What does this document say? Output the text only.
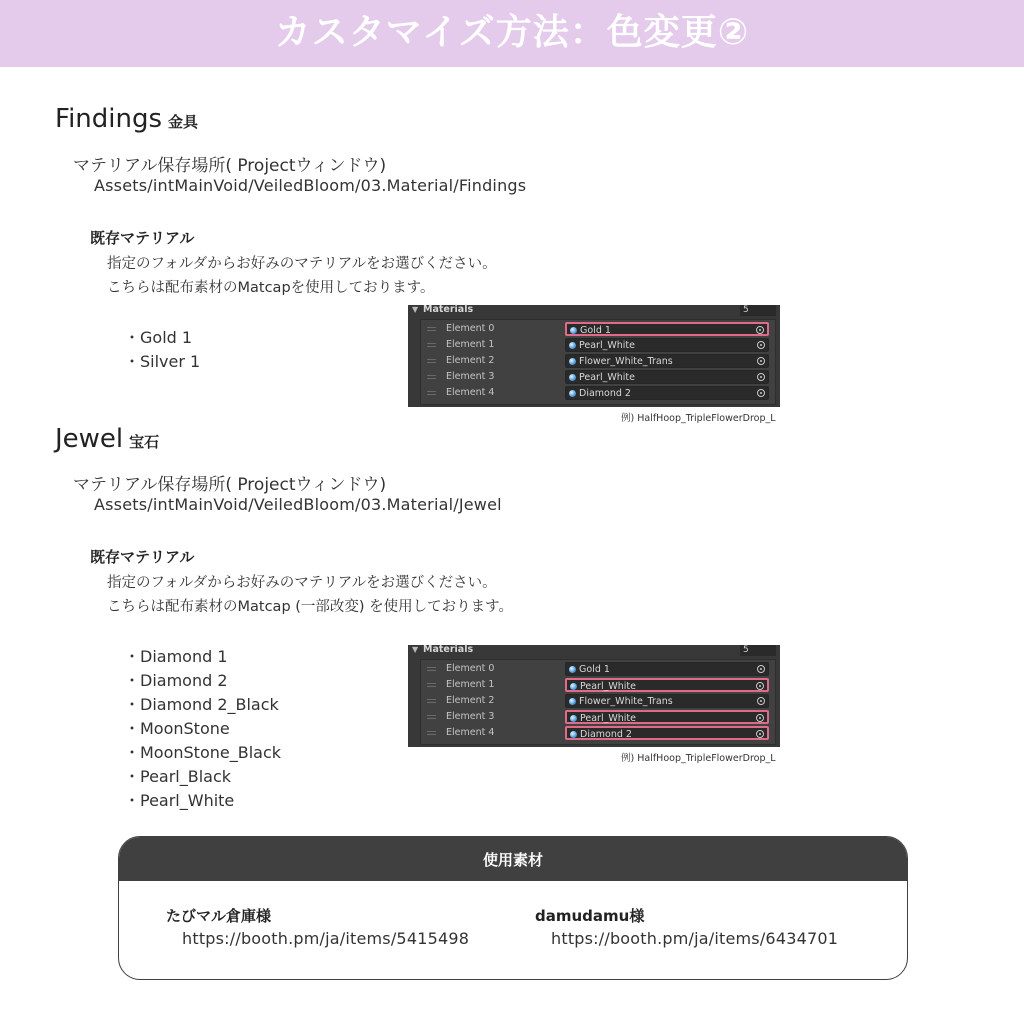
カスタマイズ方法：色変更②
Findings 金具
マテリアル保存場所( Projectウィンドウ)
Assets/intMainVoid/VeiledBloom/03.Material/Findings
既存マテリアル
指定のフォルダからお好みのマテリアルをお選びください。
こちらは配布素材のMatcapを使用しております。
・Gold 1
・Silver 1
▼ Materials	5
Element 0	Gold 1
Element 1	Pearl_White
Element 2	Flower_White_Trans
Element 3	Pearl_White
Element 4	Diamond 2
例) HalfHoop_TripleFlowerDrop_L
Jewel 宝石
マテリアル保存場所( Projectウィンドウ)
Assets/intMainVoid/VeiledBloom/03.Material/Jewel
既存マテリアル
指定のフォルダからお好みのマテリアルをお選びください。
こちらは配布素材のMatcap (一部改変) を使用しております。
・Diamond 1
・Diamond 2
・Diamond 2_Black
・MoonStone
・MoonStone_Black
・Pearl_Black
・Pearl_White
▼ Materials	5
Element 0	Gold 1
Element 1	Pearl_White
Element 2	Flower_White_Trans
Element 3	Pearl_White
Element 4	Diamond 2
例) HalfHoop_TripleFlowerDrop_L
使用素材
たびマル倉庫様
https://booth.pm/ja/items/5415498
damudamu様
https://booth.pm/ja/items/6434701
